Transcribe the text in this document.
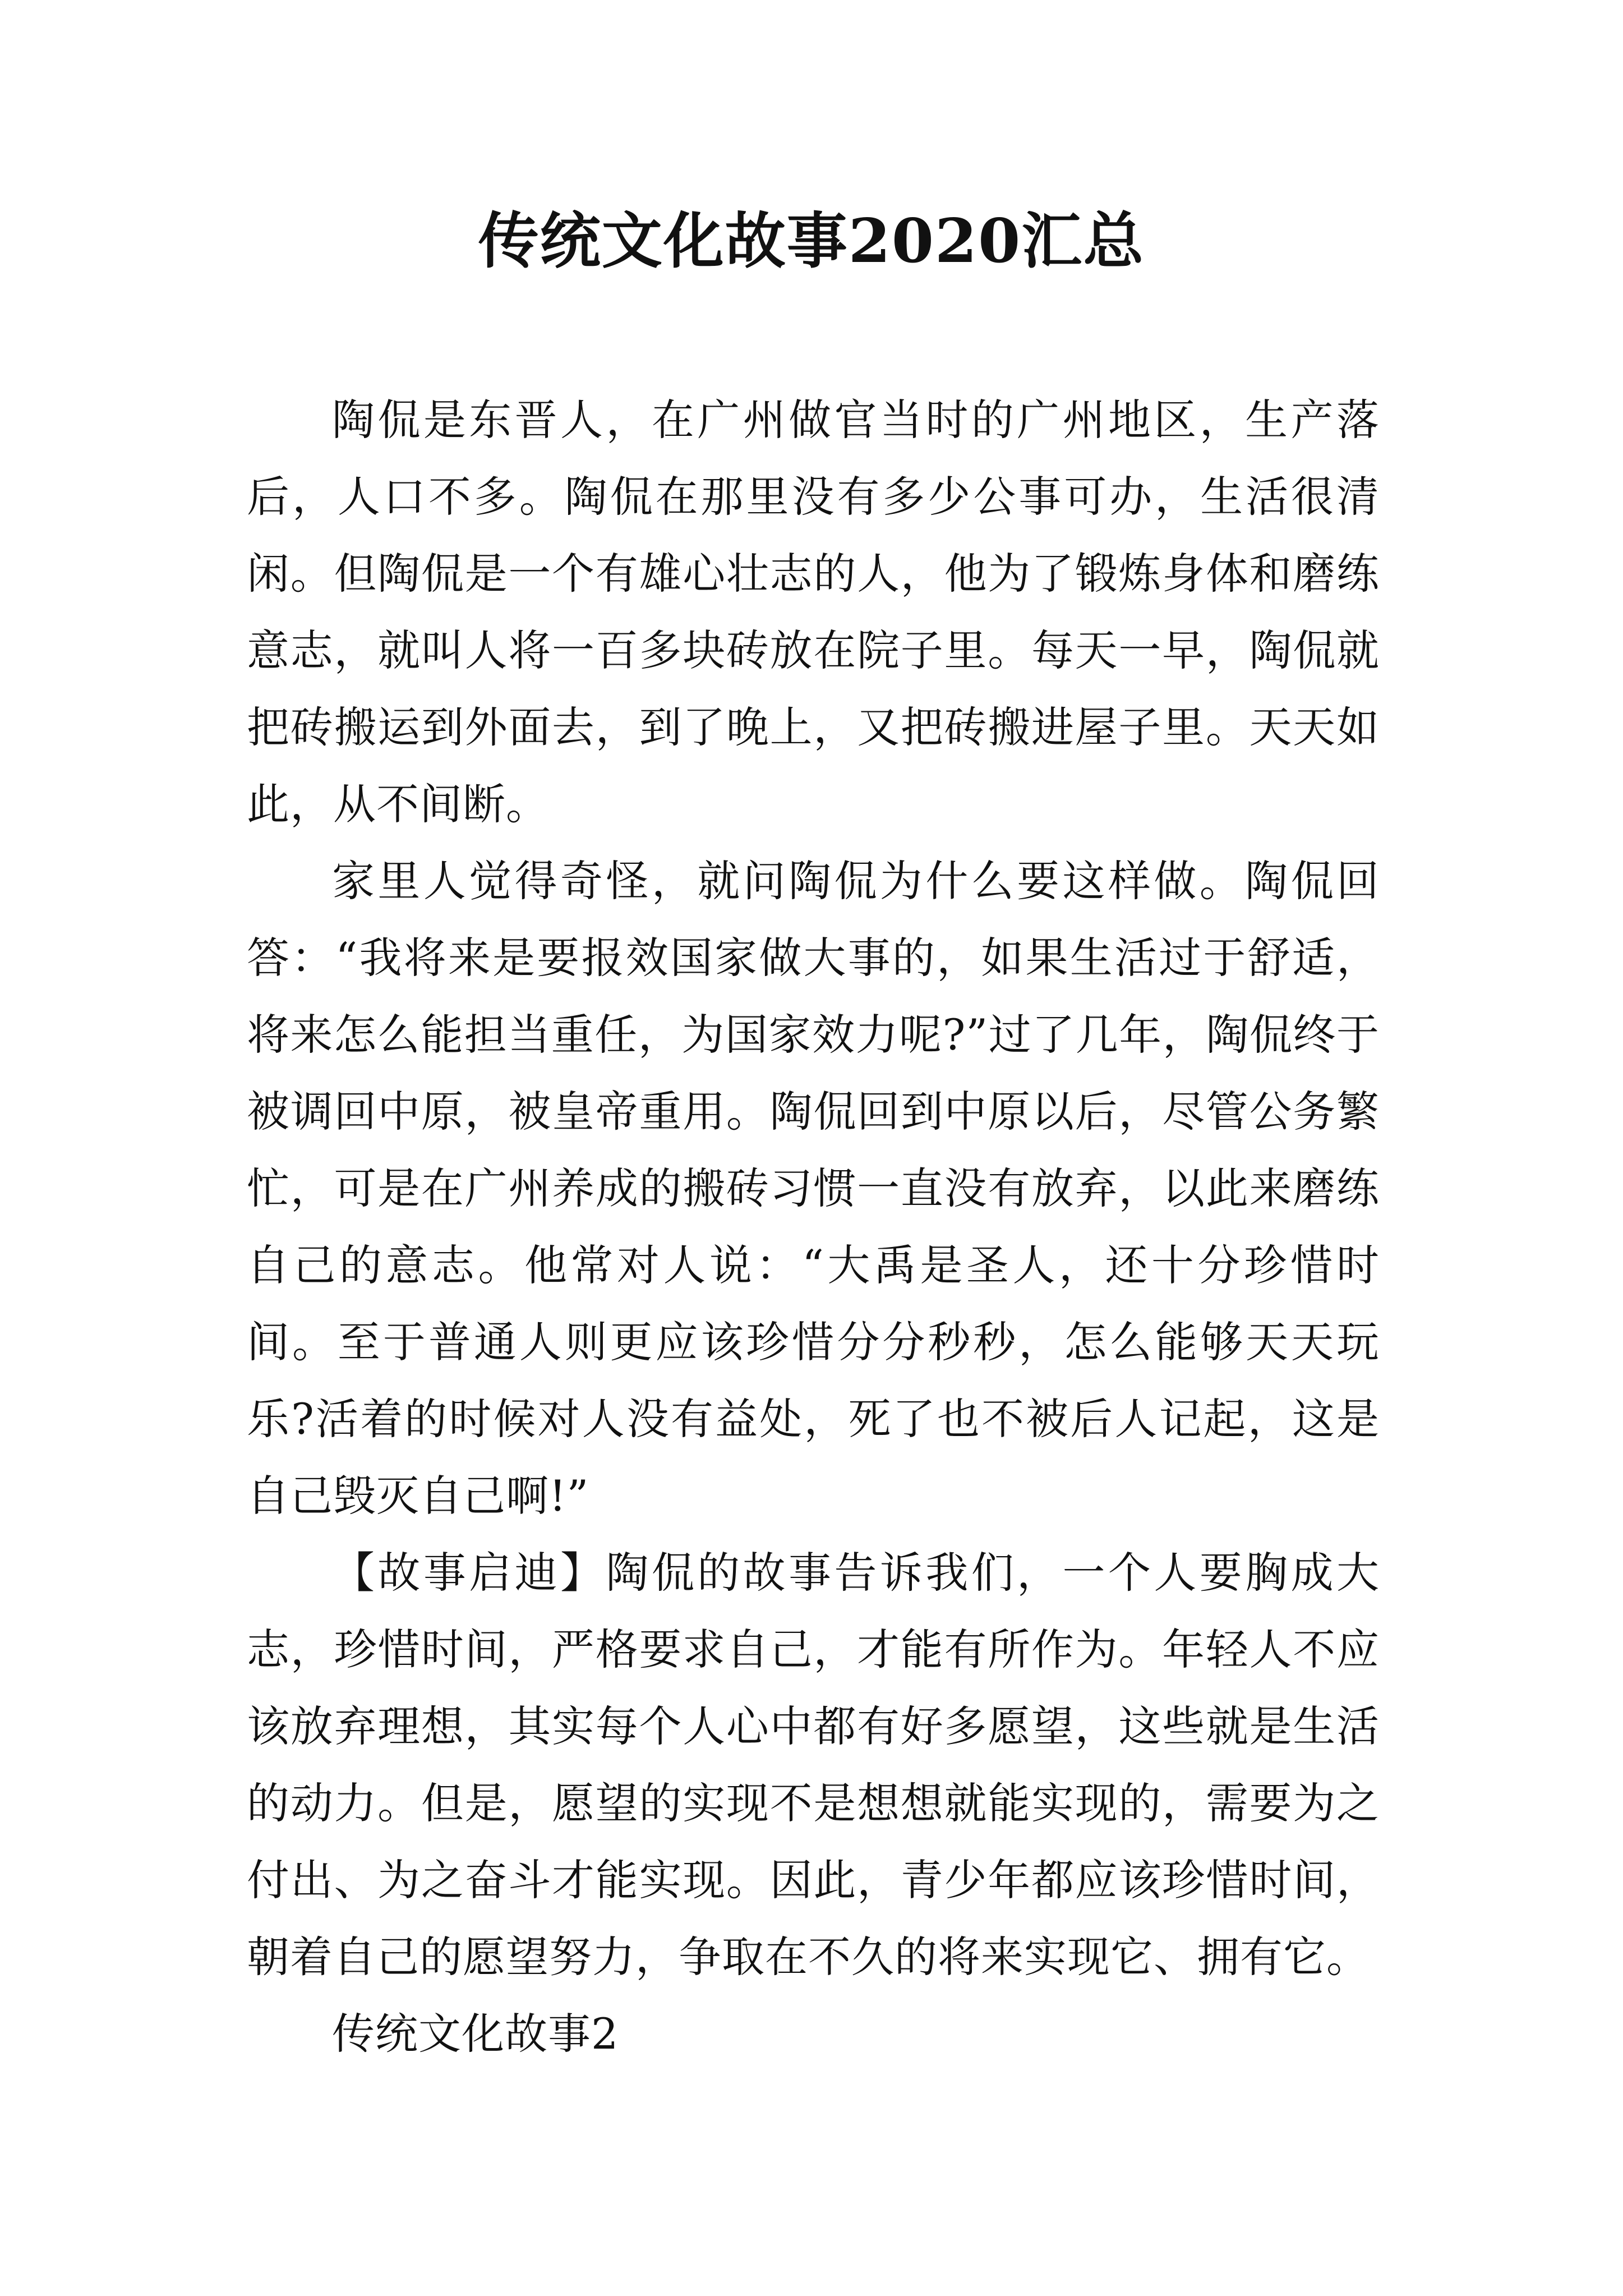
传统文化故事2020汇总

陶侃是东晋人，在广州做官当时的广州地区，生产落后，人口不多。陶侃在那里没有多少公事可办，生活很清闲。但陶侃是一个有雄心壮志的人，他为了锻炼身体和磨练意志，就叫人将一百多块砖放在院子里。每天一早，陶侃就把砖搬运到外面去，到了晚上，又把砖搬进屋子里。天天如此，从不间断。

家里人觉得奇怪，就问陶侃为什么要这样做。陶侃回答：“我将来是要报效国家做大事的，如果生活过于舒适，将来怎么能担当重任，为国家效力呢?”过了几年，陶侃终于被调回中原，被皇帝重用。陶侃回到中原以后，尽管公务繁忙，可是在广州养成的搬砖习惯一直没有放弃，以此来磨练自己的意志。他常对人说：“大禹是圣人，还十分珍惜时间。至于普通人则更应该珍惜分分秒秒，怎么能够天天玩乐?活着的时候对人没有益处，死了也不被后人记起，这是自己毁灭自己啊!”

【故事启迪】陶侃的故事告诉我们，一个人要胸成大志，珍惜时间，严格要求自己，才能有所作为。年轻人不应该放弃理想，其实每个人心中都有好多愿望，这些就是生活的动力。但是，愿望的实现不是想想就能实现的，需要为之付出、为之奋斗才能实现。因此，青少年都应该珍惜时间，朝着自己的愿望努力，争取在不久的将来实现它、拥有它。

传统文化故事2
